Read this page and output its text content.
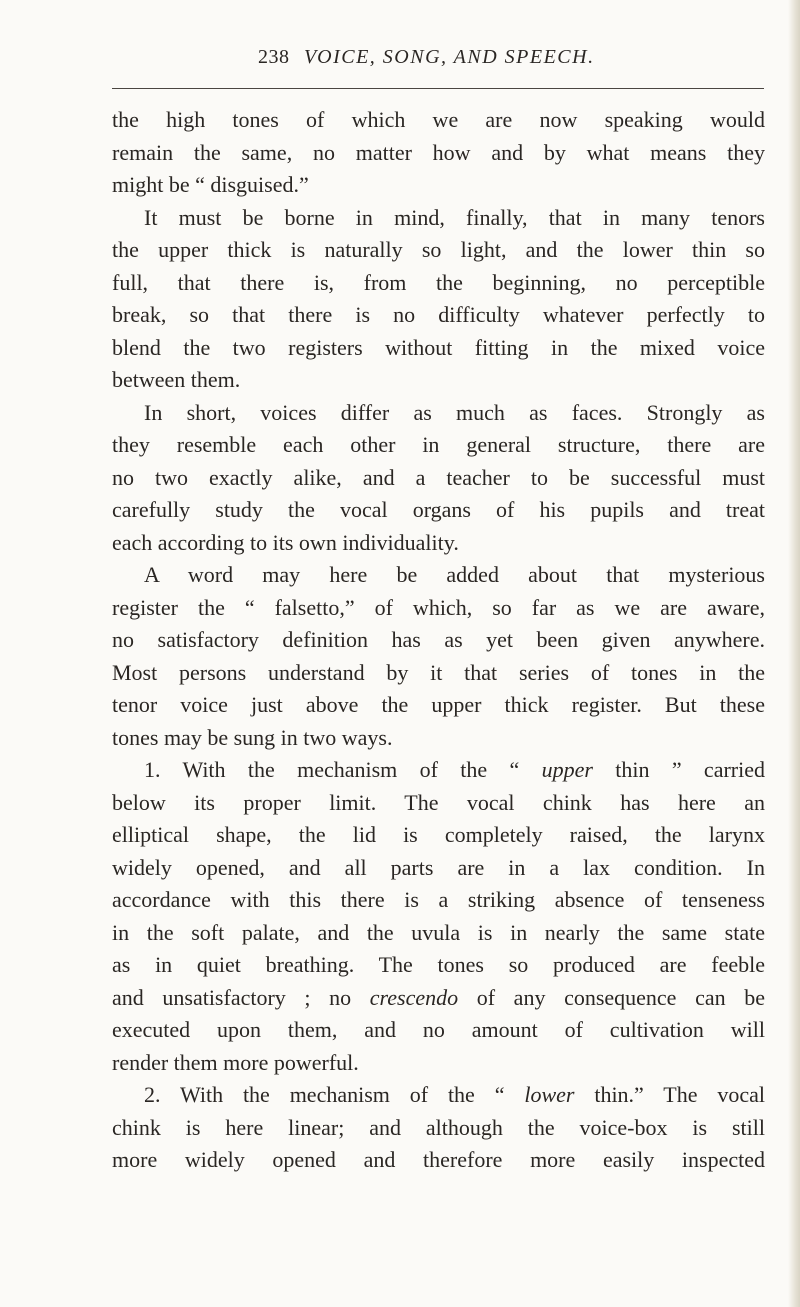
238 VOICE, SONG, AND SPEECH.
the high tones of which we are now speaking would
remain the same, no matter how and by what means they
might be “ disguised.”
It must be borne in mind, finally, that in many tenors
the upper thick is naturally so light, and the lower thin so
full, that there is, from the beginning, no perceptible
break, so that there is no difficulty whatever perfectly to
blend the two registers without fitting in the mixed voice
between them.
In short, voices differ as much as faces. Strongly as
they resemble each other in general structure, there are
no two exactly alike, and a teacher to be successful must
carefully study the vocal organs of his pupils and treat
each according to its own individuality.
A word may here be added about that mysterious
register the “ falsetto,” of which, so far as we are aware,
no satisfactory definition has as yet been given anywhere.
Most persons understand by it that series of tones in the
tenor voice just above the upper thick register. But these
tones may be sung in two ways.
1. With the mechanism of the “ upper thin ” carried
below its proper limit. The vocal chink has here an
elliptical shape, the lid is completely raised, the larynx
widely opened, and all parts are in a lax condition. In
accordance with this there is a striking absence of tenseness
in the soft palate, and the uvula is in nearly the same state
as in quiet breathing. The tones so produced are feeble
and unsatisfactory ; no crescendo of any consequence can be
executed upon them, and no amount of cultivation will
render them more powerful.
2. With the mechanism of the “ lower thin.” The vocal
chink is here linear; and although the voice-box is still
more widely opened and therefore more easily inspected
